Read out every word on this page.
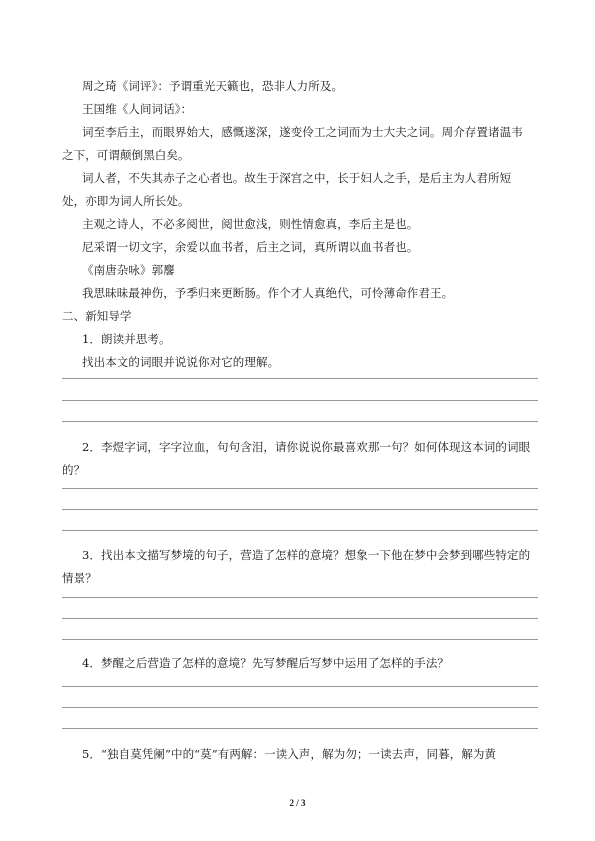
周之琦《词评》：予谓重光天籁也，恐非人力所及。
王国维《人间词话》：
词至李后主，而眼界始大，感慨遂深，遂变伶工之词而为士大夫之词。周介存置诸温韦
之下，可谓颠倒黑白矣。
词人者，不失其赤子之心者也。故生于深宫之中，长于妇人之手，是后主为人君所短
处，亦即为词人所长处。
主观之诗人，不必多阅世，阅世愈浅，则性情愈真，李后主是也。
尼采谓一切文字，余爱以血书者，后主之词，真所谓以血书者也。
《南唐杂咏》郭麐
我思昧昧最神伤，予季归来更断肠。作个才人真绝代，可怜薄命作君王。
二、新知导学
1．朗读并思考。
找出本文的词眼并说说你对它的理解。
2．李煜字词，字字泣血，句句含泪，请你说说你最喜欢那一句？如何体现这本词的词眼
的？
3．找出本文描写梦境的句子，营造了怎样的意境？想象一下他在梦中会梦到哪些特定的
情景？
4．梦醒之后营造了怎样的意境？先写梦醒后写梦中运用了怎样的手法？
5．“独自莫凭阑”中的“莫”有两解：一读入声，解为勿；一读去声，同暮，解为黄
2 / 3
